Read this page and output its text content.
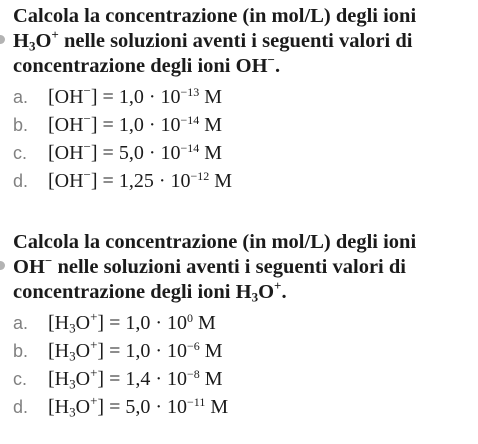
Calcola la concentrazione (in mol/L) degli ioni
$H_3O^+$ nelle soluzioni aventi i seguenti valori di
concentrazione degli ioni OH−.

a. $[OH^-] = 1,0 \cdot 10^{-13}$ M
b. $[OH^-] = 1,0 \cdot 10^{-14}$ M
c. $[OH^-] = 5,0 \cdot 10^{-14}$ M
d. $[OH^-] = 1,25 \cdot 10^{-12}$ M

Calcola la concentrazione (in mol/L) degli ioni
OH− nelle soluzioni aventi i seguenti valori di
concentrazione degli ioni $H_3O^+$.

a. $[H_3O^+] = 1,0 \cdot 10^0$ M
b. $[H_3O^+] = 1,0 \cdot 10^{-6}$ M
c. $[H_3O^+] = 1,4 \cdot 10^{-8}$ M
d. $[H_3O^+] = 5,0 \cdot 10^{-11}$ M
